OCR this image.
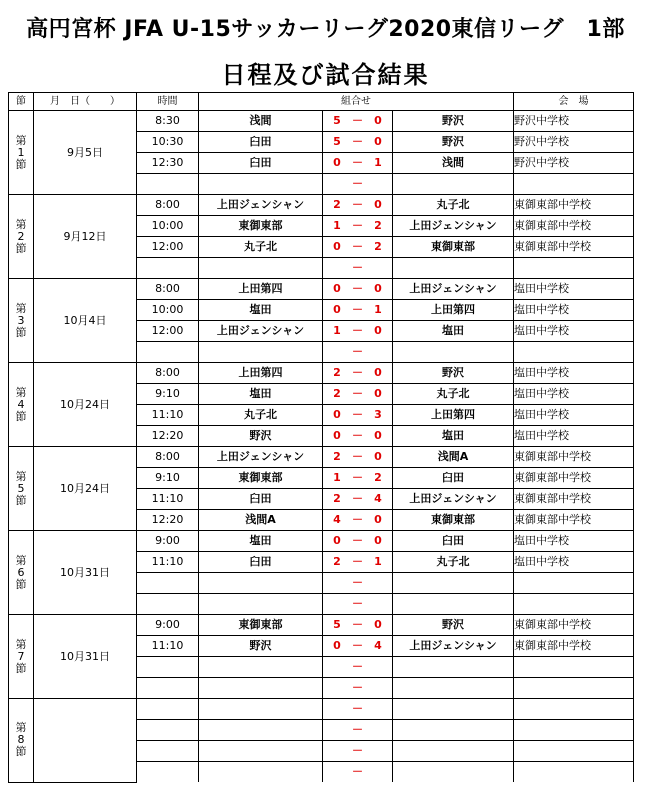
高円宮杯 JFA U-15サッカーリーグ2020東信リーグ　1部
日程及び試合結果
節	月　日（　　）	時間	組合せ			会　場

第
1
節	9月5日	8:30	浅間	5 － 0	野沢	野沢中学校
		10:30	臼田	5 － 0	野沢	野沢中学校
		12:30	臼田	0 － 1	浅間	野沢中学校
				－		

第
2
節	9月12日	8:00	上田ジェンシャン	2 － 0	丸子北	東御東部中学校
		10:00	東御東部	1 － 2	上田ジェンシャン	東御東部中学校
		12:00	丸子北	0 － 2	東御東部	東御東部中学校
				－		

第
3
節	10月4日	8:00	上田第四	0 － 0	上田ジェンシャン	塩田中学校
		10:00	塩田	0 － 1	上田第四	塩田中学校
		12:00	上田ジェンシャン	1 － 0	塩田	塩田中学校
				－		

第
4
節	10月24日	8:00	上田第四	2 － 0	野沢	塩田中学校
		9:10	塩田	2 － 0	丸子北	塩田中学校
		11:10	丸子北	0 － 3	上田第四	塩田中学校
		12:20	野沢	0 － 0	塩田	塩田中学校

第
5
節	10月24日	8:00	上田ジェンシャン	2 － 0	浅間A	東御東部中学校
		9:10	東御東部	1 － 2	臼田	東御東部中学校
		11:10	臼田	2 － 4	上田ジェンシャン	東御東部中学校
		12:20	浅間A	4 － 0	東御東部	東御東部中学校

第
6
節	10月31日	9:00	塩田	0 － 0	臼田	塩田中学校
		11:10	臼田	2 － 1	丸子北	塩田中学校
				－		
				－		

第
7
節	10月31日	9:00	東御東部	5 － 0	野沢	東御東部中学校
		11:10	野沢	0 － 4	上田ジェンシャン	東御東部中学校
				－		
				－		

第
8
節				－		
				－		
				－		
				－		
